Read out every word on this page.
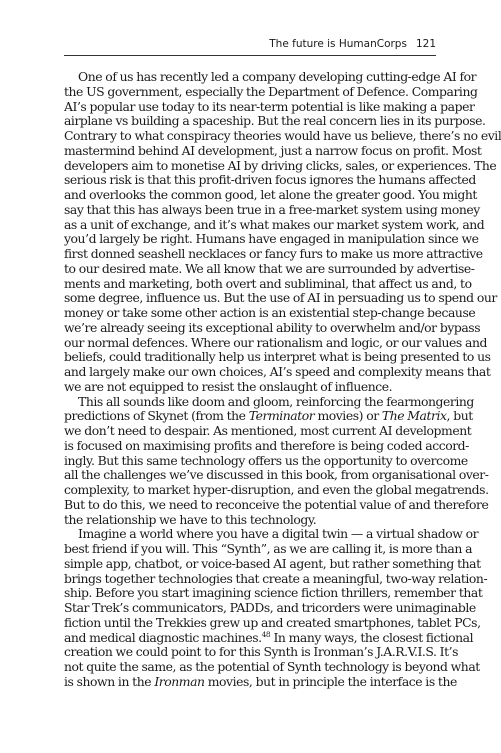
The future is HumanCorps 121
One of us has recently led a company developing cutting-edge AI for
the US government, especially the Department of Defence. Comparing
AI’s popular use today to its near-term potential is like making a paper
airplane vs building a spaceship. But the real concern lies in its purpose.
Contrary to what conspiracy theories would have us believe, there’s no evil
mastermind behind AI development, just a narrow focus on profit. Most
developers aim to monetise AI by driving clicks, sales, or experiences. The
serious risk is that this profit-driven focus ignores the humans affected
and overlooks the common good, let alone the greater good. You might
say that this has always been true in a free-market system using money
as a unit of exchange, and it’s what makes our market system work, and
you’d largely be right. Humans have engaged in manipulation since we
first donned seashell necklaces or fancy furs to make us more attractive
to our desired mate. We all know that we are surrounded by advertise-
ments and marketing, both overt and subliminal, that affect us and, to
some degree, influence us. But the use of AI in persuading us to spend our
money or take some other action is an existential step-change because
we’re already seeing its exceptional ability to overwhelm and/or bypass
our normal defences. Where our rationalism and logic, or our values and
beliefs, could traditionally help us interpret what is being presented to us
and largely make our own choices, AI’s speed and complexity means that
we are not equipped to resist the onslaught of influence.
This all sounds like doom and gloom, reinforcing the fearmongering
predictions of Skynet (from the Terminator movies) or The Matrix, but
we don’t need to despair. As mentioned, most current AI development
is focused on maximising profits and therefore is being coded accord-
ingly. But this same technology offers us the opportunity to overcome
all the challenges we’ve discussed in this book, from organisational over-
complexity, to market hyper-disruption, and even the global megatrends.
But to do this, we need to reconceive the potential value of and therefore
the relationship we have to this technology.
Imagine a world where you have a digital twin — a virtual shadow or
best friend if you will. This “Synth”, as we are calling it, is more than a
simple app, chatbot, or voice-based AI agent, but rather something that
brings together technologies that create a meaningful, two-way relation-
ship. Before you start imagining science fiction thrillers, remember that
Star Trek’s communicators, PADDs, and tricorders were unimaginable
fiction until the Trekkies grew up and created smartphones, tablet PCs,
and medical diagnostic machines.$^{48}$ In many ways, the closest fictional
creation we could point to for this Synth is Ironman’s J.A.R.V.I.S. It’s
not quite the same, as the potential of Synth technology is beyond what
is shown in the Ironman movies, but in principle the interface is the
